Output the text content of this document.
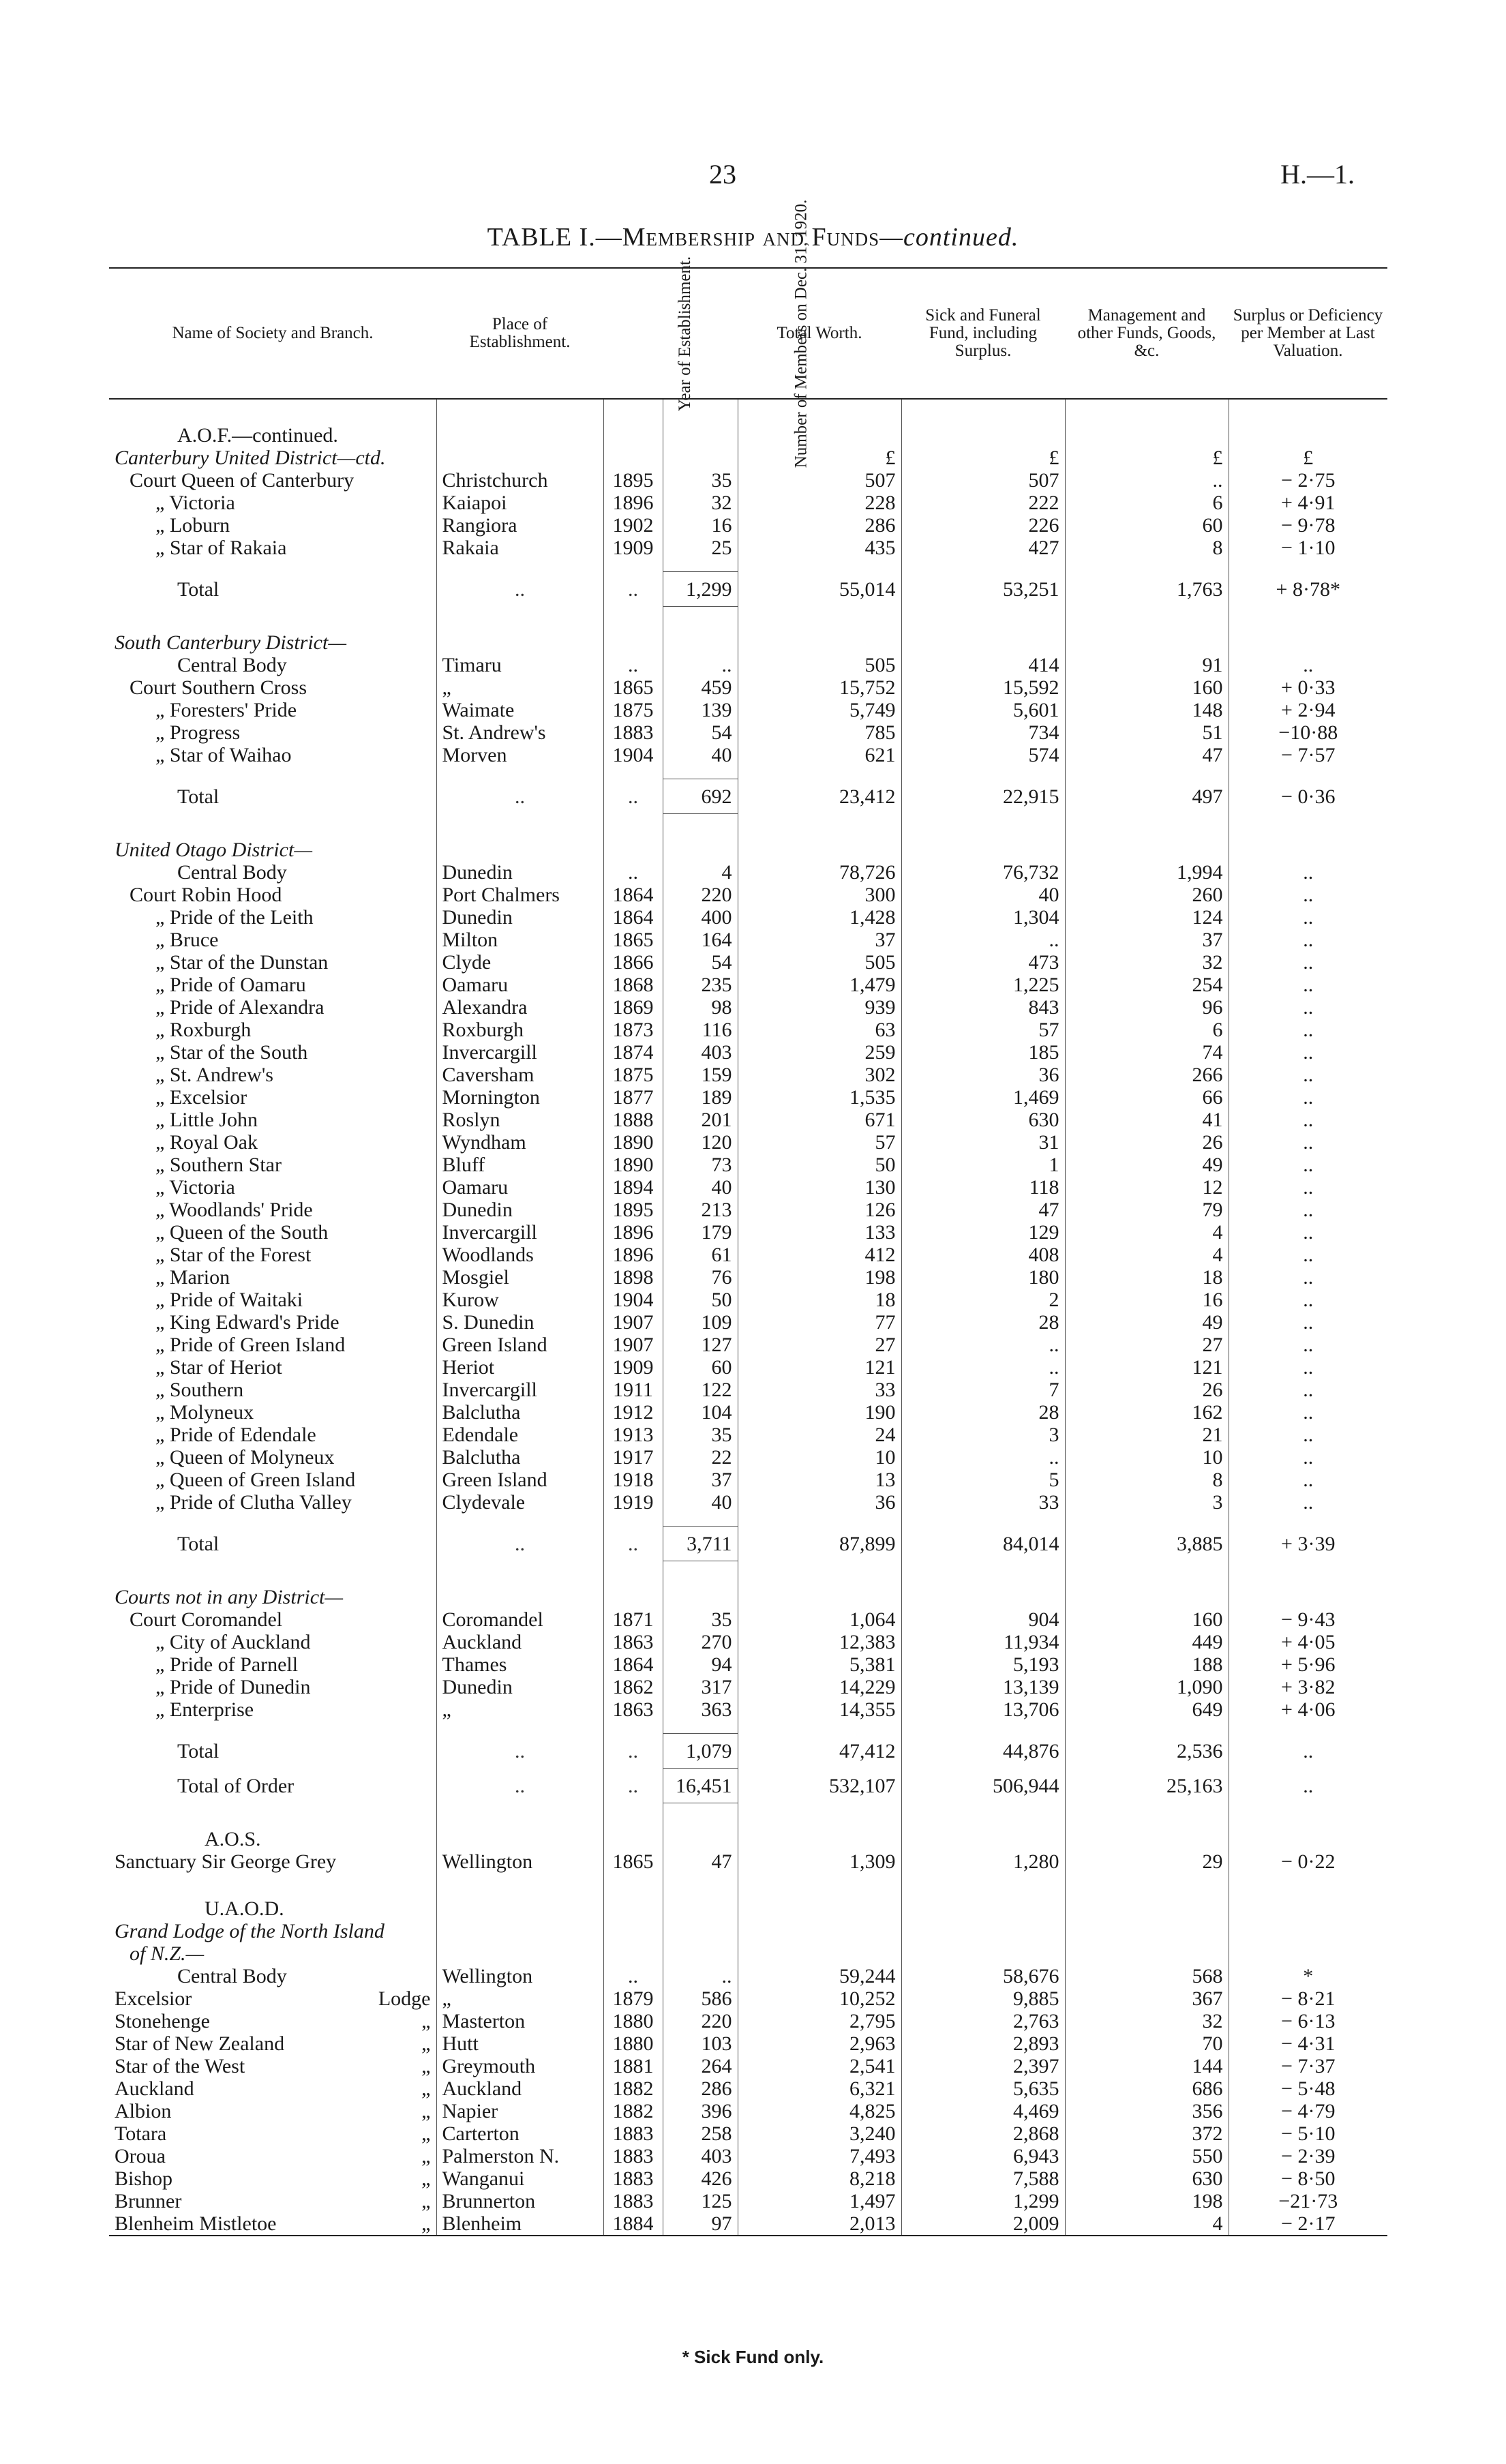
23	H.—1.
TABLE I.—Membership and Funds—continued.
Name of Society and Branch.	Place of Establishment.	Year of Establishment.	Number of Members on Dec. 31, 1920.	Total Worth.	Sick and Funeral Fund, including Surplus.	Management and other Funds, Goods, &c.	Surplus or Deficiency per Member at Last Valuation.

A.O.F.—continued.							
Canterbury United District—ctd.				£	£	£	£
Court Queen of Canterbury	Christchurch	1895	35	507	507	..	− 2·75
„ Victoria	Kaiapoi	1896	32	228	222	6	+ 4·91
„ Loburn	Rangiora	1902	16	286	226	60	− 9·78
„ Star of Rakaia	Rakaia	1909	25	435	427	8	− 1·10

Total	..	..	1,299	55,014	53,251	1,763	+ 8·78*

South Canterbury District—							
Central Body	Timaru	..	..	505	414	91	..
Court Southern Cross	„	1865	459	15,752	15,592	160	+ 0·33
„ Foresters' Pride	Waimate	1875	139	5,749	5,601	148	+ 2·94
„ Progress	St. Andrew's	1883	54	785	734	51	−10·88
„ Star of Waihao	Morven	1904	40	621	574	47	− 7·57

Total	..	..	692	23,412	22,915	497	− 0·36

United Otago District—							
Central Body	Dunedin	..	4	78,726	76,732	1,994	..
Court Robin Hood	Port Chalmers	1864	220	300	40	260	..
„ Pride of the Leith	Dunedin	1864	400	1,428	1,304	124	..
„ Bruce	Milton	1865	164	37	..	37	..
„ Star of the Dunstan	Clyde	1866	54	505	473	32	..
„ Pride of Oamaru	Oamaru	1868	235	1,479	1,225	254	..
„ Pride of Alexandra	Alexandra	1869	98	939	843	96	..
„ Roxburgh	Roxburgh	1873	116	63	57	6	..
„ Star of the South	Invercargill	1874	403	259	185	74	..
„ St. Andrew's	Caversham	1875	159	302	36	266	..
„ Excelsior	Mornington	1877	189	1,535	1,469	66	..
„ Little John	Roslyn	1888	201	671	630	41	..
„ Royal Oak	Wyndham	1890	120	57	31	26	..
„ Southern Star	Bluff	1890	73	50	1	49	..
„ Victoria	Oamaru	1894	40	130	118	12	..
„ Woodlands' Pride	Dunedin	1895	213	126	47	79	..
„ Queen of the South	Invercargill	1896	179	133	129	4	..
„ Star of the Forest	Woodlands	1896	61	412	408	4	..
„ Marion	Mosgiel	1898	76	198	180	18	..
„ Pride of Waitaki	Kurow	1904	50	18	2	16	..
„ King Edward's Pride	S. Dunedin	1907	109	77	28	49	..
„ Pride of Green Island	Green Island	1907	127	27	..	27	..
„ Star of Heriot	Heriot	1909	60	121	..	121	..
„ Southern	Invercargill	1911	122	33	7	26	..
„ Molyneux	Balclutha	1912	104	190	28	162	..
„ Pride of Edendale	Edendale	1913	35	24	3	21	..
„ Queen of Molyneux	Balclutha	1917	22	10	..	10	..
„ Queen of Green Island	Green Island	1918	37	13	5	8	..
„ Pride of Clutha Valley	Clydevale	1919	40	36	33	3	..

Total	..	..	3,711	87,899	84,014	3,885	+ 3·39

Courts not in any District—							
Court Coromandel	Coromandel	1871	35	1,064	904	160	− 9·43
„ City of Auckland	Auckland	1863	270	12,383	11,934	449	+ 4·05
„ Pride of Parnell	Thames	1864	94	5,381	5,193	188	+ 5·96
„ Pride of Dunedin	Dunedin	1862	317	14,229	13,139	1,090	+ 3·82
„ Enterprise	„	1863	363	14,355	13,706	649	+ 4·06

Total	..	..	1,079	47,412	44,876	2,536	..
Total of Order	..	..	16,451	532,107	506,944	25,163	..

A.O.S.							
Sanctuary Sir George Grey	Wellington	1865	47	1,309	1,280	29	− 0·22

U.A.O.D.							
Grand Lodge of the North Island							
of N.Z.—							
Central Body	Wellington	..	..	59,244	58,676	568	*
Excelsior Lodge	„	1879	586	10,252	9,885	367	− 8·21
Stonehenge „	Masterton	1880	220	2,795	2,763	32	− 6·13
Star of New Zealand „	Hutt	1880	103	2,963	2,893	70	− 4·31
Star of the West „	Greymouth	1881	264	2,541	2,397	144	− 7·37
Auckland „	Auckland	1882	286	6,321	5,635	686	− 5·48
Albion „	Napier	1882	396	4,825	4,469	356	− 4·79
Totara „	Carterton	1883	258	3,240	2,868	372	− 5·10
Oroua „	Palmerston N.	1883	403	7,493	6,943	550	− 2·39
Bishop „	Wanganui	1883	426	8,218	7,588	630	− 8·50
Brunner „	Brunnerton	1883	125	1,497	1,299	198	−21·73
Blenheim Mistletoe „	Blenheim	1884	97	2,013	2,009	4	− 2·17
* Sick Fund only.
